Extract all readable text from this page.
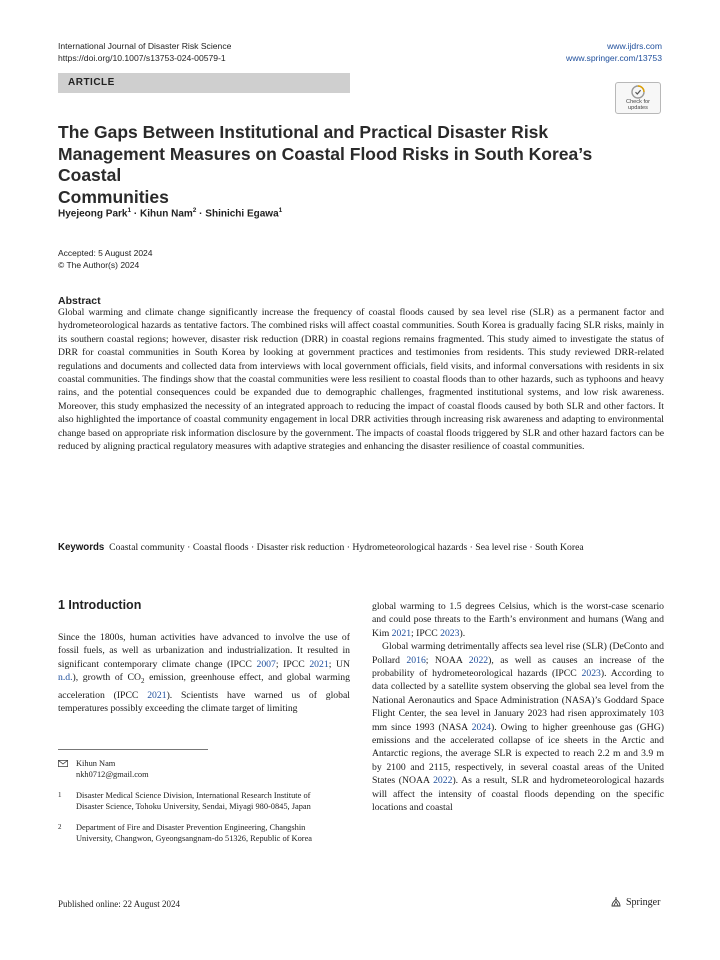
International Journal of Disaster Risk Science
https://doi.org/10.1007/s13753-024-00579-1
www.ijdrs.com
www.springer.com/13753
ARTICLE
Check for
updates
The Gaps Between Institutional and Practical Disaster Risk
Management Measures on Coastal Flood Risks in South Korea’s Coastal
Communities
Hyejeong Park$^1$ · Kihun Nam$^2$ · Shinichi Egawa$^1$
Accepted: 5 August 2024
© The Author(s) 2024
Abstract
Global warming and climate change significantly increase the frequency of coastal floods caused by sea level rise (SLR) as a permanent factor and hydrometeorological hazards as tentative factors. The combined risks will affect coastal communities. South Korea is gradually facing SLR risks, mainly in its southern coastal regions; however, disaster risk reduction (DRR) in coastal regions remains fragmented. This study aimed to investigate the status of DRR for coastal communities in South Korea by looking at government practices and testimonies from residents. This study reviewed DRR-related regulations and documents and collected data from interviews with local government officials, field visits, and informal conversations with residents in six coastal communities. The findings show that the coastal communities were less resilient to coastal floods than to other hazards, such as typhoons and heavy rains, and the potential consequences could be expanded due to demographic challenges, fragmented institutional systems, and low risk awareness. Moreover, this study emphasized the necessity of an integrated approach to reducing the impact of coastal floods caused by both SLR and other factors. It also highlighted the importance of coastal community engagement in local DRR activities through increasing risk awareness and adapting to environmental change based on appropriate risk information disclosure by the government. The impacts of coastal floods triggered by SLR and other hazard factors can be reduced by aligning practical regulatory measures with adaptive strategies and enhancing the disaster resilience of coastal communities.
Keywords Coastal community · Coastal floods · Disaster risk reduction · Hydrometeorological hazards · Sea level rise · South Korea
1 Introduction

Since the 1800s, human activities have advanced to involve the use of fossil fuels, as well as urbanization and industrialization. It resulted in significant contemporary climate change (IPCC 2007; IPCC 2021; UN n.d.), growth of $CO_2$ emission, greenhouse effect, and global warming acceleration (IPCC 2021). Scientists have warned us of global temperatures possibly exceeding the climate target of limiting

global warming to 1.5 degrees Celsius, which is the worst-case scenario and could pose threats to the Earth’s environment and humans (Wang and Kim 2021; IPCC 2023).

Global warming detrimentally affects sea level rise (SLR) (DeConto and Pollard 2016; NOAA 2022), as well as causes an increase of the probability of hydrometeorological hazards (IPCC 2023). According to data collected by a satellite system observing the global sea level from the National Aeronautics and Space Administration (NASA)’s Goddard Space Flight Center, the sea level in January 2023 had risen approximately 103 mm since 1993 (NASA 2024). Owing to higher greenhouse gas (GHG) emissions and the accelerated collapse of ice sheets in the Arctic and Antarctic regions, the average SLR is expected to reach 2.2 m and 3.9 m by 2100 and 2115, respectively, in several coastal areas of the United States (NOAA 2022). As a result, SLR and hydrometeorological hazards will affect the intensity of coastal floods depending on the specific locations and coastal

Kihun Nam
nkh0712@gmail.com
1	Disaster Medical Science Division, International Research Institute of Disaster Science, Tohoku University, Sendai, Miyagi 980-0845, Japan
2	Department of Fire and Disaster Prevention Engineering, Changshin University, Changwon, Gyeongsangnam-do 51326, Republic of Korea
Published online: 22 August 2024	Springer
